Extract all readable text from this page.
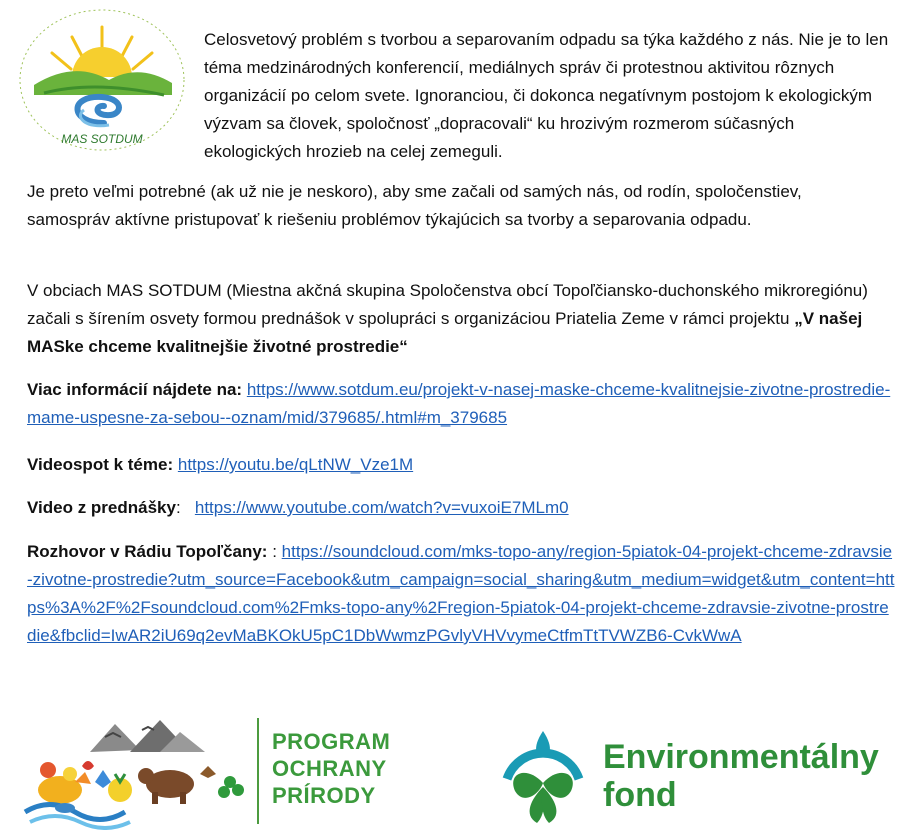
MAS SOTDUM

Celosvetový problém s tvorbou a separovaním odpadu sa týka každého z nás. Nie je to len téma medzinárodných konferencií, mediálnych správ či protestnou aktivitou rôznych organizácií po celom svete. Ignoranciou, či dokonca negatívnym postojom k ekologickým výzvam sa človek, spoločnosť „dopracovali“ ku hrozivým rozmerom súčasných ekologických hrozieb na celej zemeguli.

Je preto veľmi potrebné (ak už nie je neskoro), aby sme začali od samých nás, od rodín, spoločenstiev, samospráv aktívne pristupovať k riešeniu problémov týkajúcich sa tvorby a separovania odpadu.

V obciach MAS SOTDUM (Miestna akčná skupina Spoločenstva obcí Topoľčiansko-duchonského mikroregiónu) začali s šírením osvety formou prednášok v spolupráci s organizáciou Priatelia Zeme v rámci projektu „V našej MASke chceme kvalitnejšie životné prostredie“

Viac informácií nájdete na: https://www.sotdum.eu/projekt-v-nasej-maske-chceme-kvalitnejsie-zivotne-prostredie-mame-uspesne-za-sebou--oznam/mid/379685/.html#m_379685

Videospot k téme: https://youtu.be/qLtNW_Vze1M

Video z prednášky: https://www.youtube.com/watch?v=vuxoiE7MLm0

Rozhovor v Rádiu Topoľčany: : https://soundcloud.com/mks-topo-any/region-5piatok-04-projekt-chceme-zdravsie-zivotne-prostredie?utm_source=Facebook&utm_campaign=social_sharing&utm_medium=widget&utm_content=https%3A%2F%2Fsoundcloud.com%2Fmks-topo-any%2Fregion-5piatok-04-projekt-chceme-zdravsie-zivotne-prostredie&fbclid=IwAR2iU69q2evMaBKOkU5pC1DbWwmzPGvlyVHVvymeCtfmTtTVWZB6-CvkWwA

PROGRAM
OCHRANY
PRÍRODY
Environmentálny
fond
